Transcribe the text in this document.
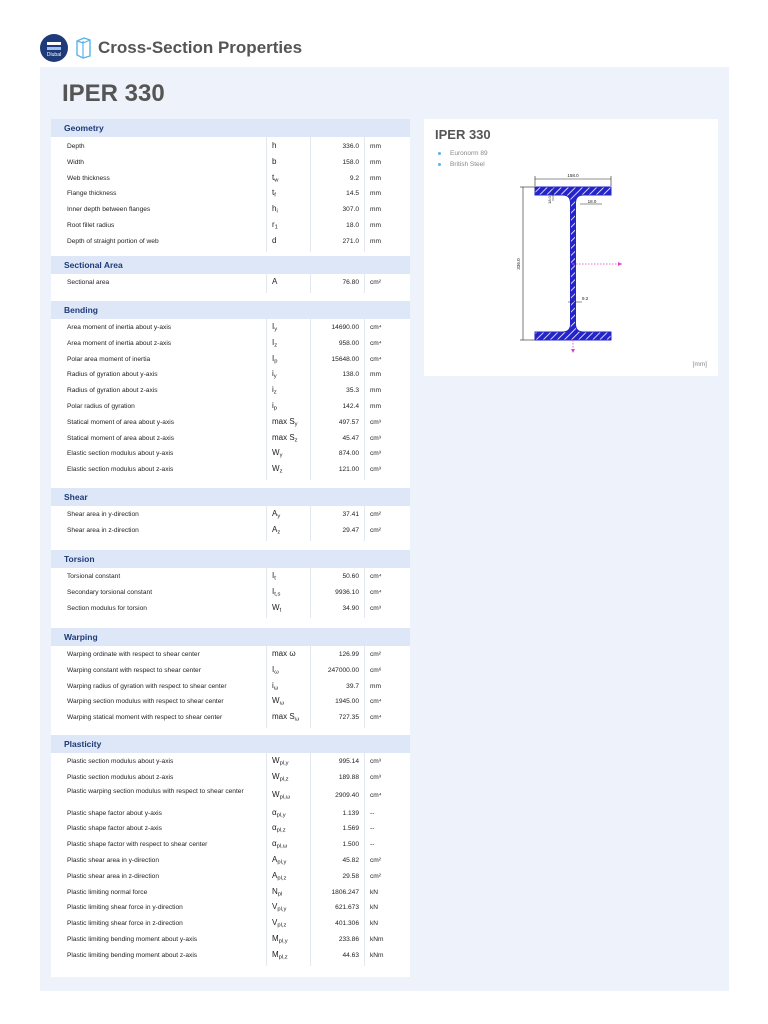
Dlubal	Cross-Section Properties
IPER 330
Geometry
Depth	h	336.0 mm
Width	b	158.0 mm
Web thickness	$t_w$	9.2 mm
Flange thickness	$t_f$	14.5 mm
Inner depth between flanges	$h_i$	307.0 mm
Root fillet radius	$r_1$	18.0 mm
Depth of straight portion of web	d	271.0 mm
Sectional Area
Sectional area	A	76.80 cm²
Bending
Area moment of inertia about y-axis	$I_y$	14690.00 cm⁴
Area moment of inertia about z-axis	$I_z$	958.00 cm⁴
Polar area moment of inertia	$I_p$	15648.00 cm⁴
Radius of gyration about y-axis	$i_y$	138.0 mm
Radius of gyration about z-axis	$i_z$	35.3 mm
Polar radius of gyration	$i_p$	142.4 mm
Statical moment of area about y-axis	$\max S_y$	497.57 cm³
Statical moment of area about z-axis	$\max S_z$	45.47 cm³
Elastic section modulus about y-axis	$W_y$	874.00 cm³
Elastic section modulus about z-axis	$W_z$	121.00 cm³
Shear
Shear area in y-direction	$A_y$	37.41 cm²
Shear area in z-direction	$A_z$	29.47 cm²
Torsion
Torsional constant	$I_t$	50.60 cm⁴
Secondary torsional constant	$I_{t,s}$	9936.10 cm⁴
Section modulus for torsion	$W_t$	34.90 cm³
Warping
Warping ordinate with respect to shear center	max ω	126.99 cm²
Warping constant with respect to shear center	$I_\omega$	247000.00 cm⁶
Warping radius of gyration with respect to shear center	$i_\omega$	39.7 mm
Warping section modulus with respect to shear center	$W_\omega$	1945.00 cm⁴
Warping statical moment with respect to shear center	$\max S_\omega$	727.35 cm⁴
Plasticity
Plastic section modulus about y-axis	$W_{pl,y}$	995.14 cm³
Plastic section modulus about z-axis	$W_{pl,z}$	189.88 cm³
Plastic warping section modulus with respect to shear center	$W_{pl,\omega}$	2909.40 cm⁴
Plastic shape factor about y-axis	$\alpha_{pl,y}$	1.139 --
Plastic shape factor about z-axis	$\alpha_{pl,z}$	1.569 --
Plastic shape factor with respect to shear center	$\alpha_{pl,\omega}$	1.500 --
Plastic shear area in y-direction	$A_{pl,y}$	45.82 cm²
Plastic shear area in z-direction	$A_{pl,z}$	29.58 cm²
Plastic limiting normal force	$N_{pl}$	1806.247 kN
Plastic limiting shear force in y-direction	$V_{pl,y}$	621.673 kN
Plastic limiting shear force in z-direction	$V_{pl,z}$	401.306 kN
Plastic limiting bending moment about y-axis	$M_{pl,y}$	233.86 kNm
Plastic limiting bending moment about z-axis	$M_{pl,z}$	44.63 kNm
IPER 330
Euronorm 89
British Steel
158.0
336.0
18.0	18.0
9.2
[mm]
